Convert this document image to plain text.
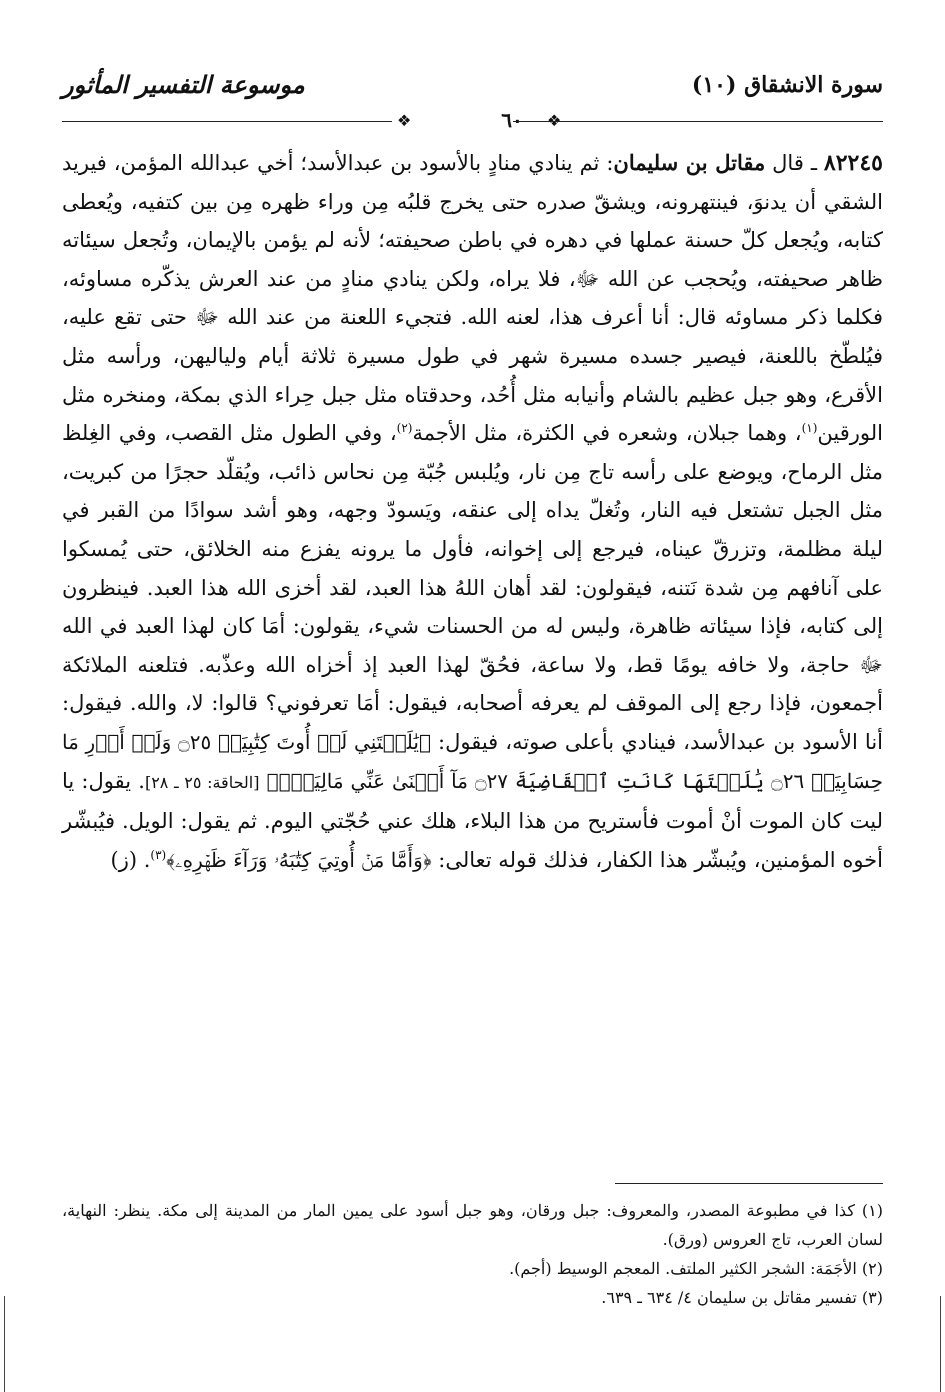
سورة الانشقاق (١٠)
موسوعة التفسير المأثور
❖	٦٠	❖
٨٢٢٤٥ ـ قال مقاتل بن سليمان: ثم ينادي منادٍ بالأسود بن عبدالأسد؛ أخي عبدالله المؤمن، فيريد الشقي أن يدنوَ، فينتهرونه، ويشقّ صدره حتى يخرج قلبُه مِن وراء ظهره مِن بين كتفيه، ويُعطى كتابه، ويُجعل كلّ حسنة عملها في دهره في باطن صحيفته؛ لأنه لم يؤمن بالإيمان، وتُجعل سيئاته ظاهر صحيفته، ويُحجب عن الله ﷻ، فلا يراه، ولكن ينادي منادٍ من عند العرش يذكّره مساوئه، فكلما ذكر مساوئه قال: أنا أعرف هذا، لعنه الله. فتجيء اللعنة من عند الله ﷻ حتى تقع عليه، فيُلطّخ باللعنة، فيصير جسده مسيرة شهر في طول مسيرة ثلاثة أيام ولياليهن، ورأسه مثل الأقرع، وهو جبل عظيم بالشام وأنيابه مثل أُحُد، وحدقتاه مثل جبل حِراء الذي بمكة، ومنخره مثل الورقين$^{(١)}$، وهما جبلان، وشعره في الكثرة، مثل الأجمة$^{(٢)}$، وفي الطول مثل القصب، وفي الغِلظ مثل الرماح، ويوضع على رأسه تاج مِن نار، ويُلبس جُبّة مِن نحاس ذائب، ويُقلّد حجرًا من كبريت، مثل الجبل تشتعل فيه النار، وتُغلّ يداه إلى عنقه، ويَسودّ وجهه، وهو أشد سوادًا من القبر في ليلة مظلمة، وتزرقّ عيناه، فيرجع إلى إخوانه، فأول ما يرونه يفزع منه الخلائق، حتى يُمسكوا على آنافهم مِن شدة نَتنه، فيقولون: لقد أهان اللهُ هذا العبد، لقد أخزى الله هذا العبد. فينظرون إلى كتابه، فإذا سيئاته ظاهرة، وليس له من الحسنات شيء، يقولون: أمَا كان لهذا العبد في الله ﷻ حاجة، ولا خافه يومًا قط، ولا ساعة، فحُقّ لهذا العبد إذ أخزاه الله وعذّبه. فتلعنه الملائكة أجمعون، فإذا رجع إلى الموقف لم يعرفه أصحابه، فيقول: أمَا تعرفوني؟ قالوا: لا، والله. فيقول: أنا الأسود بن عبدالأسد، فينادي بأعلى صوته، فيقول: ﴿يَٰلَيۡتَنِي لَمۡ أُوتَ كِتَٰبِيَهۡ ۝٢٥ وَلَمۡ أَدۡرِ مَا حِسَابِيَهۡ ۝٢٦ يَٰلَيۡتَهَا كَانَتِ ٱلۡقَاضِيَةَ ۝٢٧ مَآ أَغۡنَىٰ عَنِّي مَالِيَهۡۜ﴾ [الحاقة: ٢٥ ـ ٢٨]. يقول: يا ليت كان الموت أنْ أموت فأستريح من هذا البلاء، هلك عني حُجّتي اليوم. ثم يقول: الويل. فيُبشّر أخوه المؤمنين، ويُبشّر هذا الكفار، فذلك قوله تعالى: ﴿وَأَمَّا مَنۡ أُوتِيَ كِتَٰبَهُۥ وَرَآءَ ظَهۡرِهِۦ﴾$^{(٣)}$. (ز)

(١) كذا في مطبوعة المصدر، والمعروف: جبل ورقان، وهو جبل أسود على يمين المار من المدينة إلى مكة. ينظر: النهاية، لسان العرب، تاج العروس (ورق).

(٢) الأجَمَة: الشجر الكثير الملتف. المعجم الوسيط (أجم).

(٣) تفسير مقاتل بن سليمان ٤/ ٦٣٤ ـ ٦٣٩.
